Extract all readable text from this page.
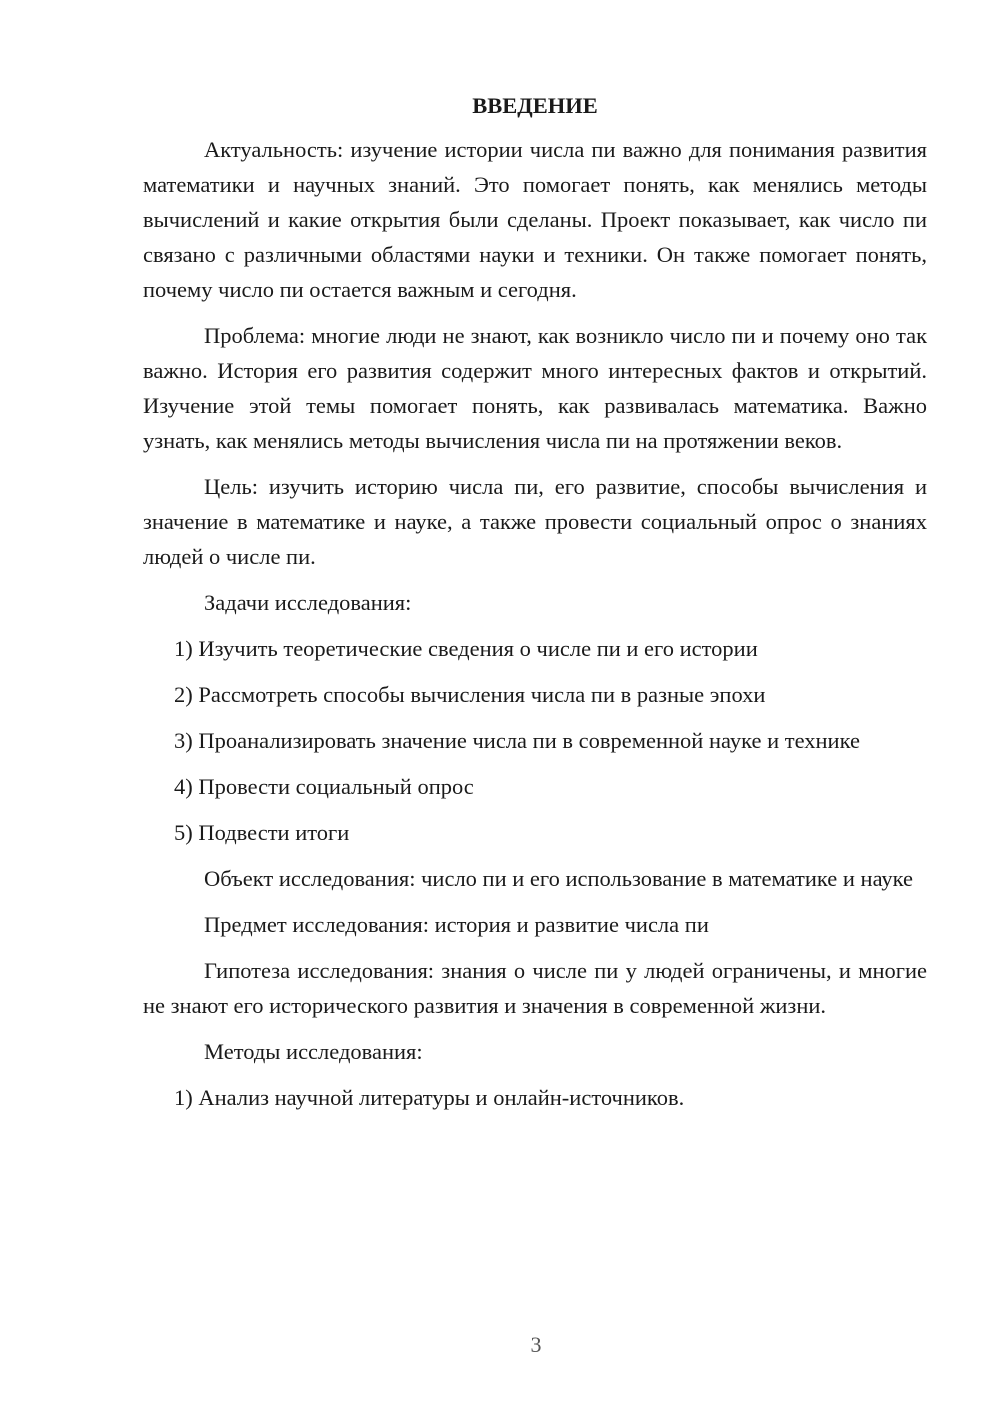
ВВЕДЕНИЕ

Актуальность: изучение истории числа пи важно для понимания развития математики и научных знаний. Это помогает понять, как менялись методы вычислений и какие открытия были сделаны. Проект показывает, как число пи связано с различными областями науки и техники. Он также помогает понять, почему число пи остается важным и сегодня.

Проблема: многие люди не знают, как возникло число пи и почему оно так важно. История его развития содержит много интересных фактов и открытий. Изучение этой темы помогает понять, как развивалась математика. Важно узнать, как менялись методы вычисления числа пи на протяжении веков.

Цель: изучить историю числа пи, его развитие, способы вычисления и значение в математике и науке, а также провести социальный опрос о знаниях людей о числе пи.

Задачи исследования:

1) Изучить теоретические сведения о числе пи и его истории

2) Рассмотреть способы вычисления числа пи в разные эпохи

3) Проанализировать значение числа пи в современной науке и технике

4) Провести социальный опрос

5) Подвести итоги

Объект исследования: число пи и его использование в математике и науке

Предмет исследования: история и развитие числа пи

Гипотеза исследования: знания о числе пи у людей ограничены, и многие не знают его исторического развития и значения в современной жизни.

Методы исследования:

1) Анализ научной литературы и онлайн-источников.

3
